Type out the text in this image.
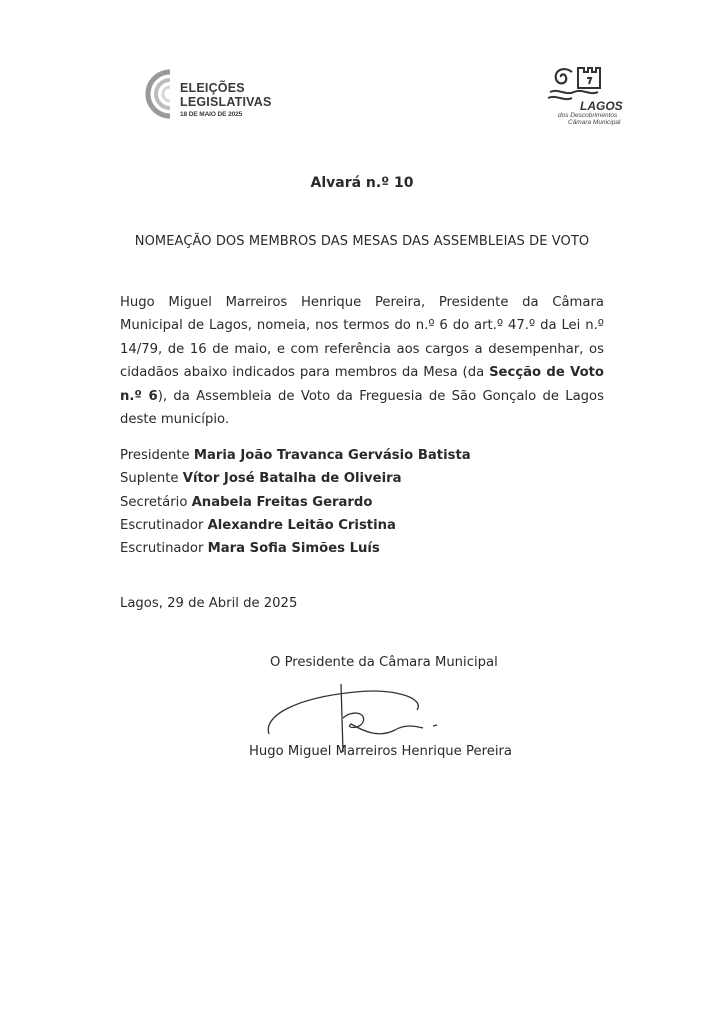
ELEIÇÕES
LEGISLATIVAS
18 DE MAIO DE 2025
LAGOS
dos Descobrimentos
Câmara Municipal
Alvará n.º 10
NOMEAÇÃO DOS MEMBROS DAS MESAS DAS ASSEMBLEIAS DE VOTO
Hugo Miguel Marreiros Henrique Pereira, Presidente da Câmara Municipal de Lagos, nomeia, nos termos do n.º 6 do art.º 47.º da Lei n.º 14/79, de 16 de maio, e com referência aos cargos a desempenhar, os cidadãos abaixo indicados para membros da Mesa (da Secção de Voto n.º 6), da Assembleia de Voto da Freguesia de São Gonçalo de Lagos deste município.
Presidente Maria João Travanca Gervásio Batista
Suplente Vítor José Batalha de Oliveira
Secretário Anabela Freitas Gerardo
Escrutinador Alexandre Leitão Cristina
Escrutinador Mara Sofia Simões Luís
Lagos, 29 de Abril de 2025
O Presidente da Câmara Municipal
Hugo Miguel Marreiros Henrique Pereira
